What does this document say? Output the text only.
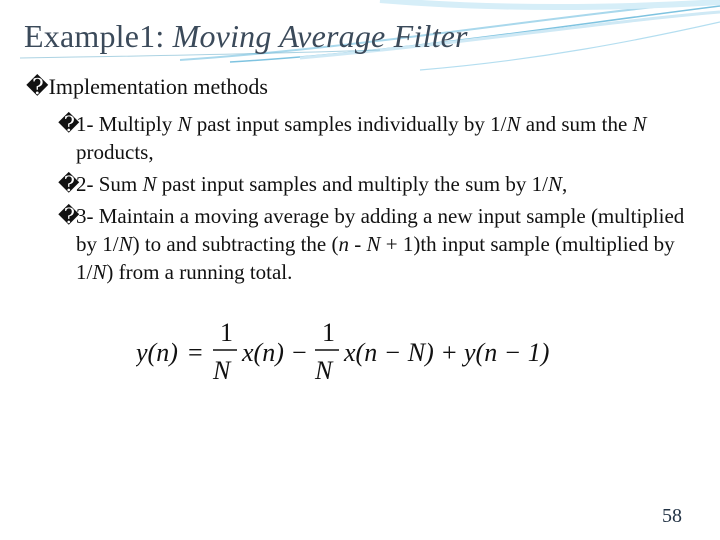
Example1: Moving Average Filter
�Implementation methods
�
1- Multiply N past input samples individually by 1/N and sum the N products,
�
2- Sum N past input samples and multiply the sum by 1/N,
�
3- Maintain a moving average by adding a new input sample (multiplied by 1/N) to and subtracting the (n - N + 1)th input sample (multiplied by 1/N) from a running total.
y(n) =
1
N
x(n) −
1
N
x(n − N) + y(n − 1)
58
